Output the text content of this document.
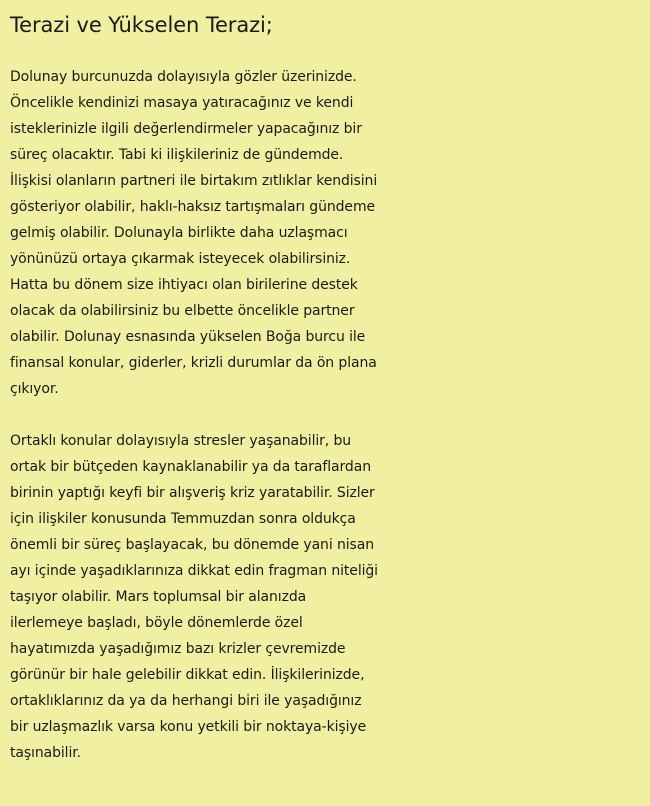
Terazi ve Yükselen Terazi;

Dolunay burcunuzda dolayısıyla gözler üzerinizde.
Öncelikle kendinizi masaya yatıracağınız ve kendi
isteklerinizle ilgili değerlendirmeler yapacağınız bir
süreç olacaktır. Tabi ki ilişkileriniz de gündemde.
İlişkisi olanların partneri ile birtakım zıtlıklar kendisini
gösteriyor olabilir, haklı-haksız tartışmaları gündeme
gelmiş olabilir. Dolunayla birlikte daha uzlaşmacı
yönünüzü ortaya çıkarmak isteyecek olabilirsiniz.
Hatta bu dönem size ihtiyacı olan birilerine destek
olacak da olabilirsiniz bu elbette öncelikle partner
olabilir. Dolunay esnasında yükselen Boğa burcu ile
finansal konular, giderler, krizli durumlar da ön plana
çıkıyor.

Ortaklı konular dolayısıyla stresler yaşanabilir, bu
ortak bir bütçeden kaynaklanabilir ya da taraflardan
birinin yaptığı keyfi bir alışveriş kriz yaratabilir. Sizler
için ilişkiler konusunda Temmuzdan sonra oldukça
önemli bir süreç başlayacak, bu dönemde yani nisan
ayı içinde yaşadıklarınıza dikkat edin fragman niteliği
taşıyor olabilir. Mars toplumsal bir alanızda
ilerlemeye başladı, böyle dönemlerde özel
hayatımızda yaşadığımız bazı krizler çevremizde
görünür bir hale gelebilir dikkat edin. İlişkilerinizde,
ortaklıklarınız da ya da herhangi biri ile yaşadığınız
bir uzlaşmazlık varsa konu yetkili bir noktaya-kişiye
taşınabilir.
